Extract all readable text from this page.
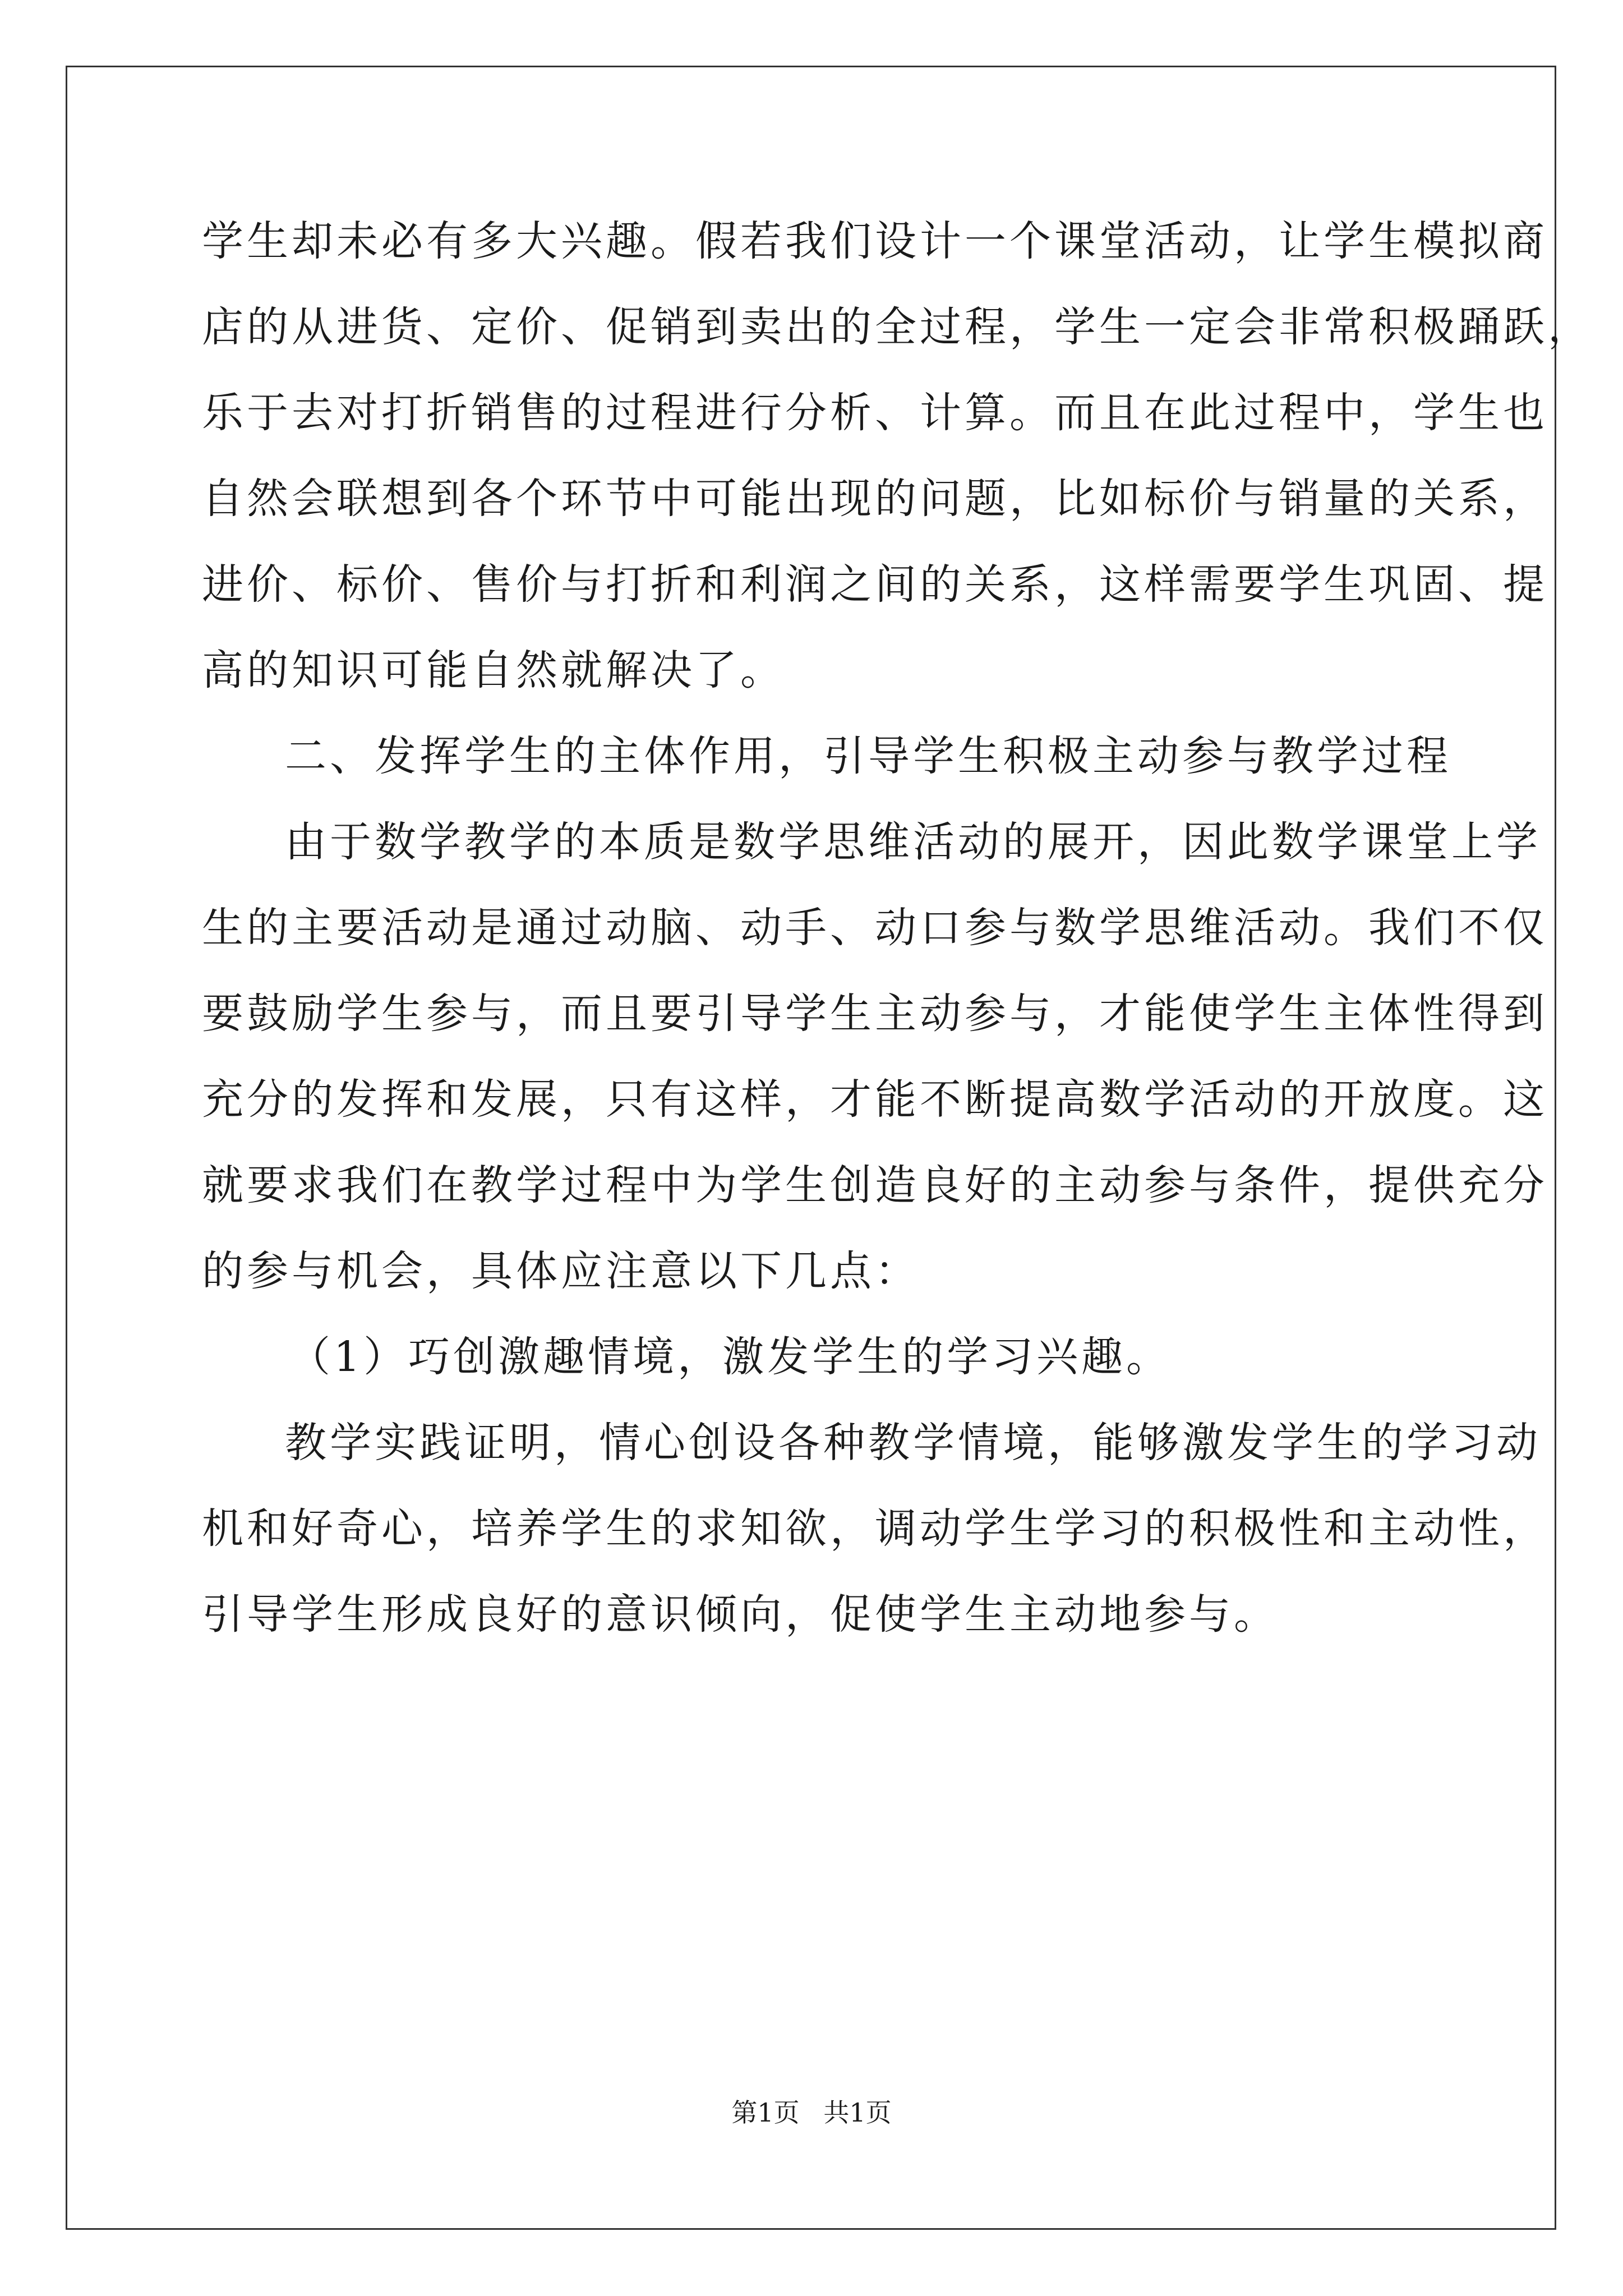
学生却未必有多大兴趣。假若我们设计一个课堂活动，让学生模拟商
店的从进货、定价、促销到卖出的全过程，学生一定会非常积极踊跃，
乐于去对打折销售的过程进行分析、计算。而且在此过程中，学生也
自然会联想到各个环节中可能出现的问题，比如标价与销量的关系，
进价、标价、售价与打折和利润之间的关系，这样需要学生巩固、提
高的知识可能自然就解决了。
二、发挥学生的主体作用，引导学生积极主动参与教学过程
由于数学教学的本质是数学思维活动的展开，因此数学课堂上学
生的主要活动是通过动脑、动手、动口参与数学思维活动。我们不仅
要鼓励学生参与，而且要引导学生主动参与，才能使学生主体性得到
充分的发挥和发展，只有这样，才能不断提高数学活动的开放度。这
就要求我们在教学过程中为学生创造良好的主动参与条件，提供充分
的参与机会，具体应注意以下几点：
（1）巧创激趣情境，激发学生的学习兴趣。
教学实践证明，情心创设各种教学情境，能够激发学生的学习动
机和好奇心，培养学生的求知欲，调动学生学习的积极性和主动性，
引导学生形成良好的意识倾向，促使学生主动地参与。
第1页 共1页
